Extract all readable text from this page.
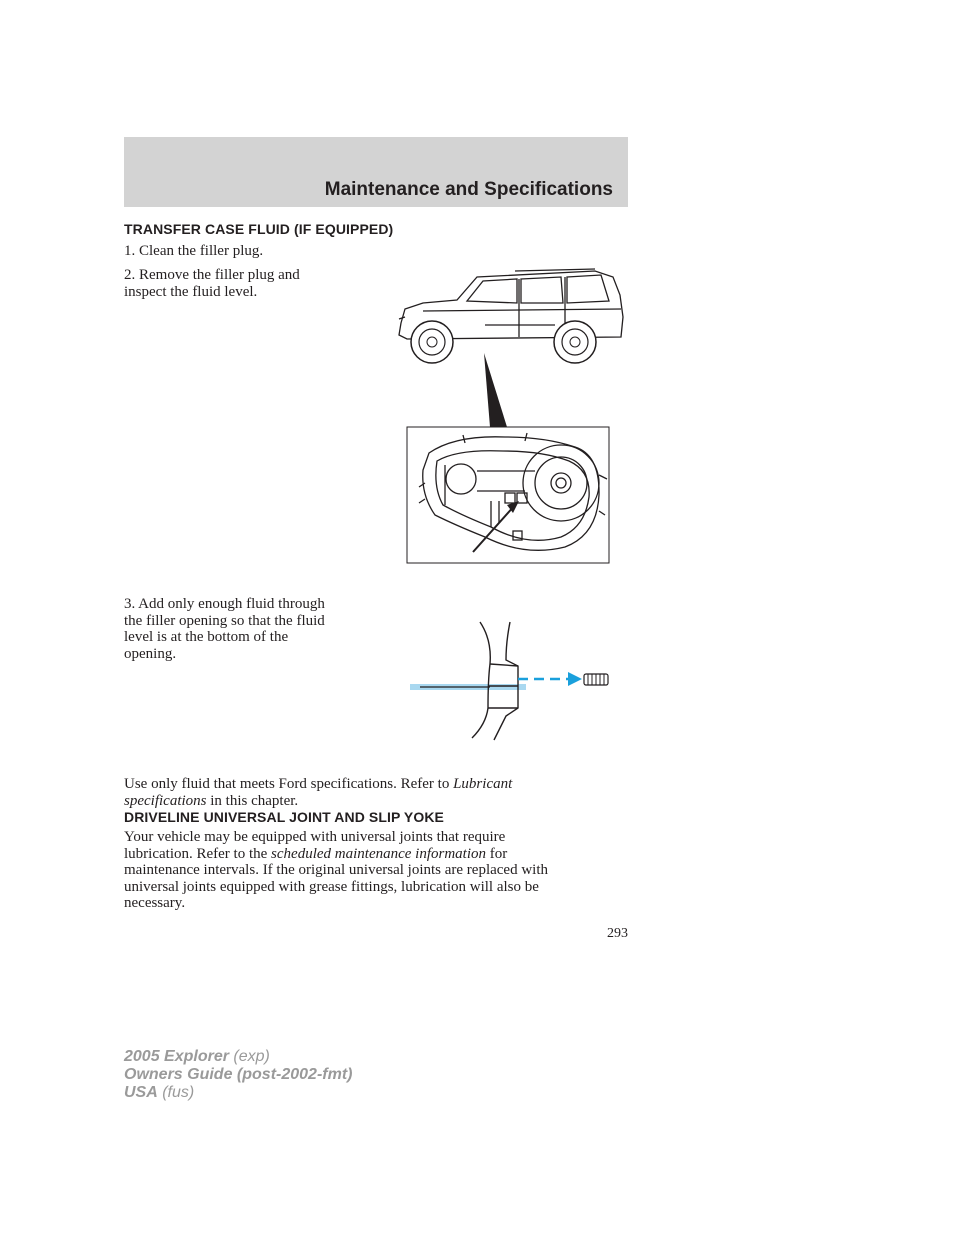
Maintenance and Specifications
TRANSFER CASE FLUID (IF EQUIPPED)

1. Clean the filler plug.

2. Remove the filler plug and
inspect the fluid level.

3. Add only enough fluid through
the filler opening so that the fluid
level is at the bottom of the
opening.

Use only fluid that meets Ford specifications. Refer to Lubricant
specifications in this chapter.

DRIVELINE UNIVERSAL JOINT AND SLIP YOKE

Your vehicle may be equipped with universal joints that require
lubrication. Refer to the scheduled maintenance information for
maintenance intervals. If the original universal joints are replaced with
universal joints equipped with grease fittings, lubrication will also be
necessary.

293
2005 Explorer (exp)
Owners Guide (post-2002-fmt)
USA (fus)
